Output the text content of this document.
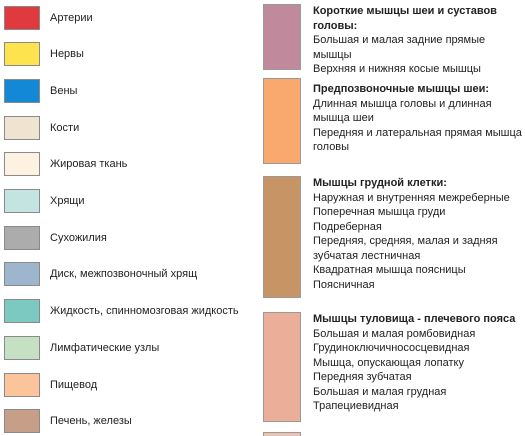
Артерии
Нервы
Вены
Кости
Жировая ткань
Хрящи
Сухожилия
Диск, межпозвоночный хрящ
Жидкость, спинномозговая жидкость
Лимфатические узлы
Пищевод
Печень, железы

Короткие мышцы шеи и суставов головы:

Большая и малая задние прямые мышцы

Верхняя и нижняя косые мышцы

Предпозвоночные мышцы шеи:

Длинная мышца головы и длинная мышца шеи

Передняя и латеральная прямая мышца головы

Мышцы грудной клетки:

Наружная и внутренняя межреберные

Поперечная мышца груди

Подреберная

Передняя, средняя, малая и задняя зубчатая лестничная

Квадратная мышца поясницы

Поясничная

Мышцы туловища - плечевого пояса

Большая и малая ромбовидная

Грудиноключичнососцевидная

Мышца, опускающая лопатку

Передняя зубчатая

Большая и малая грудная

Трапециевидная
